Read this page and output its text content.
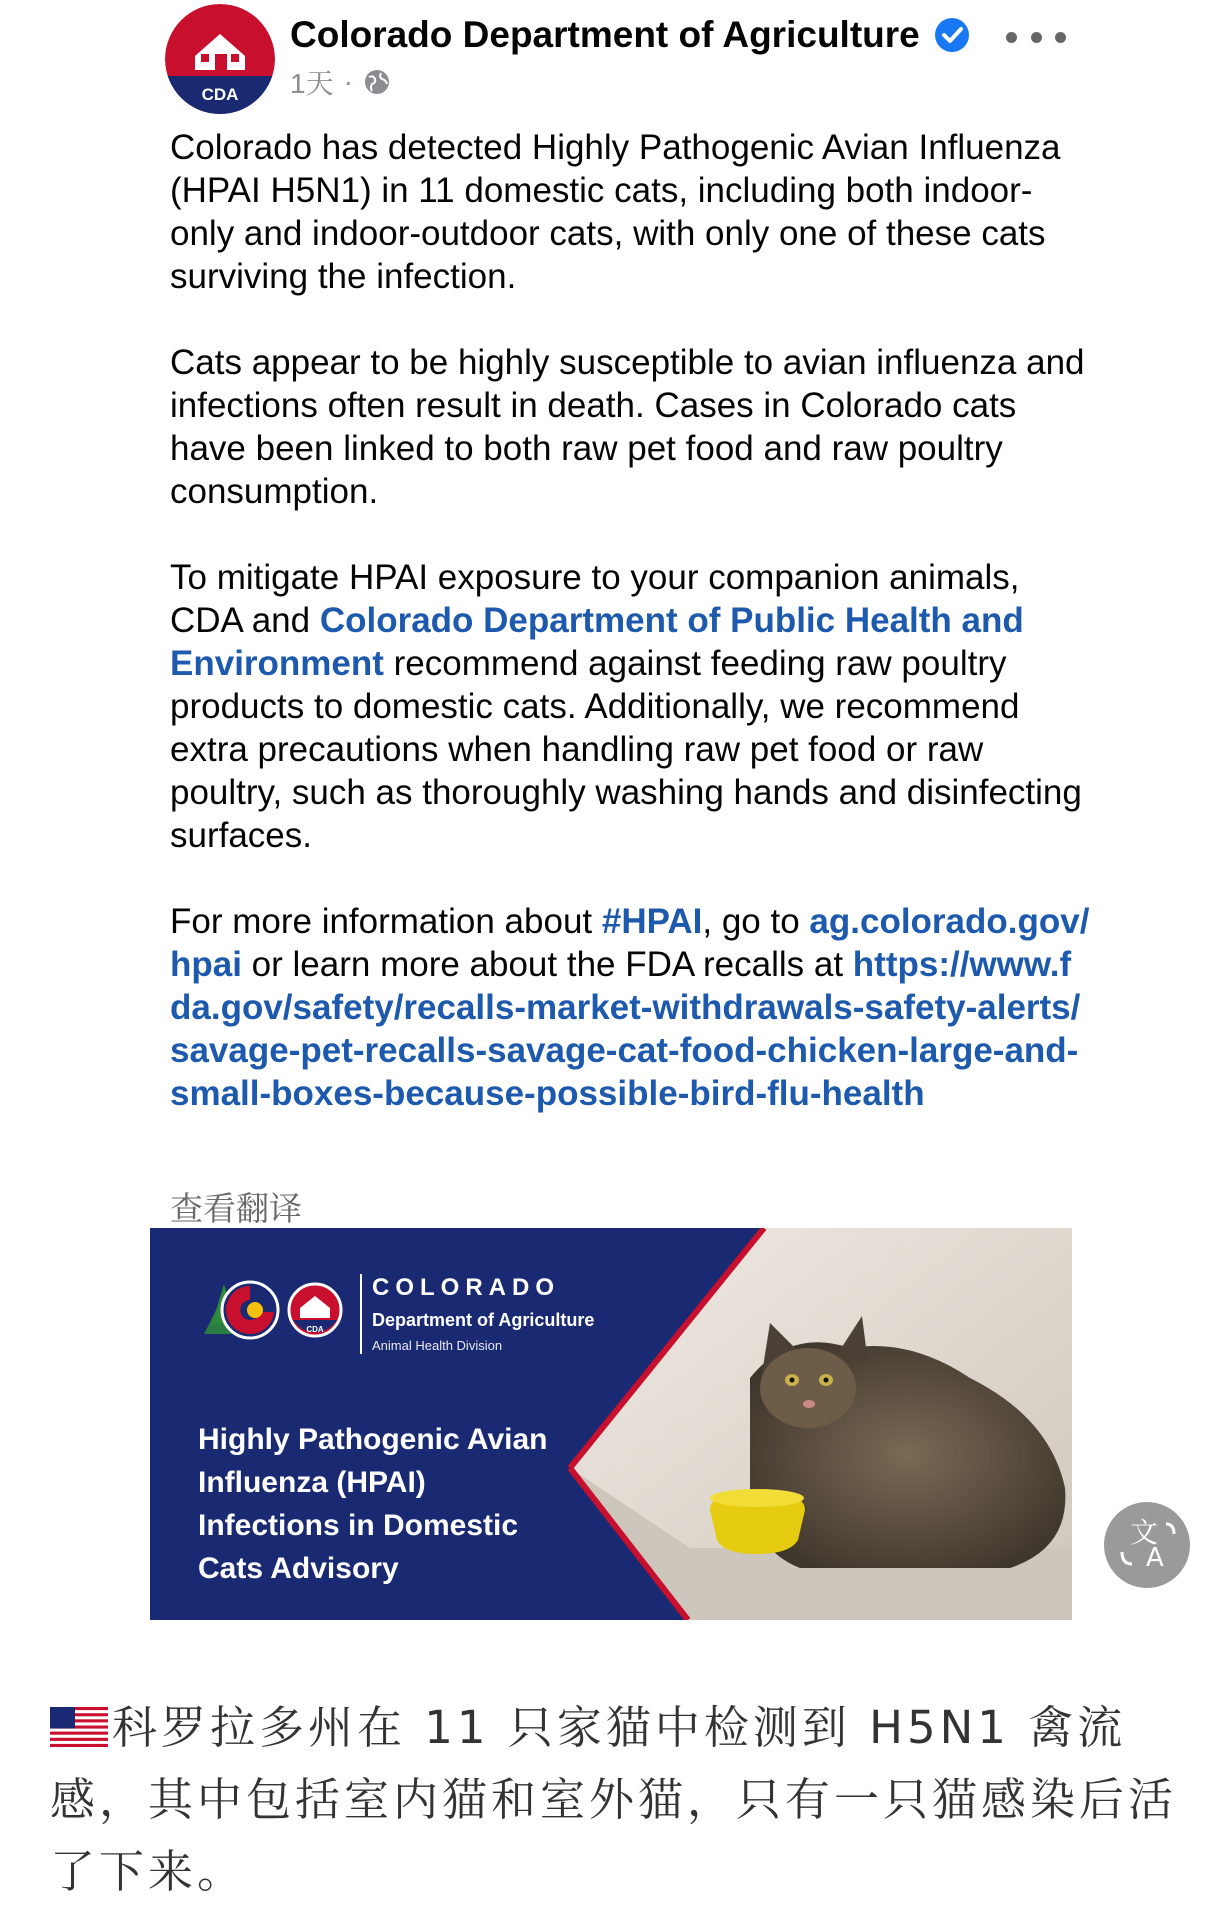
CDA
Colorado Department of Agriculture
1天 ·

Colorado has detected Highly Pathogenic Avian Influenza (HPAI H5N1) in 11 domestic cats, including both indoor-only and indoor-outdoor cats, with only one of these cats surviving the infection.

Cats appear to be highly susceptible to avian influenza and infections often result in death. Cases in Colorado cats have been linked to both raw pet food and raw poultry consumption.

To mitigate HPAI exposure to your companion animals, CDA and Colorado Department of Public Health and Environment recommend against feeding raw poultry products to domestic cats. Additionally, we recommend extra precautions when handling raw pet food or raw poultry, such as thoroughly washing hands and disinfecting surfaces.

For more information about #HPAI, go to ag.colorado.gov/hpai or learn more about the FDA recalls at https://www.fda.gov/safety/recalls-market-withdrawals-safety-alerts/savage-pet-recalls-savage-cat-food-chicken-large-and-small-boxes-because-possible-bird-flu-health

查看翻译
CDA
COLORADO
Department of Agriculture
Animal Health Division
Highly Pathogenic Avian Influenza (HPAI) Infections in Domestic Cats Advisory
文
A
科罗拉多州在 11 只家猫中检测到 H5N1 禽流感，其中包括室内猫和室外猫，只有一只猫感染后活了下来。
